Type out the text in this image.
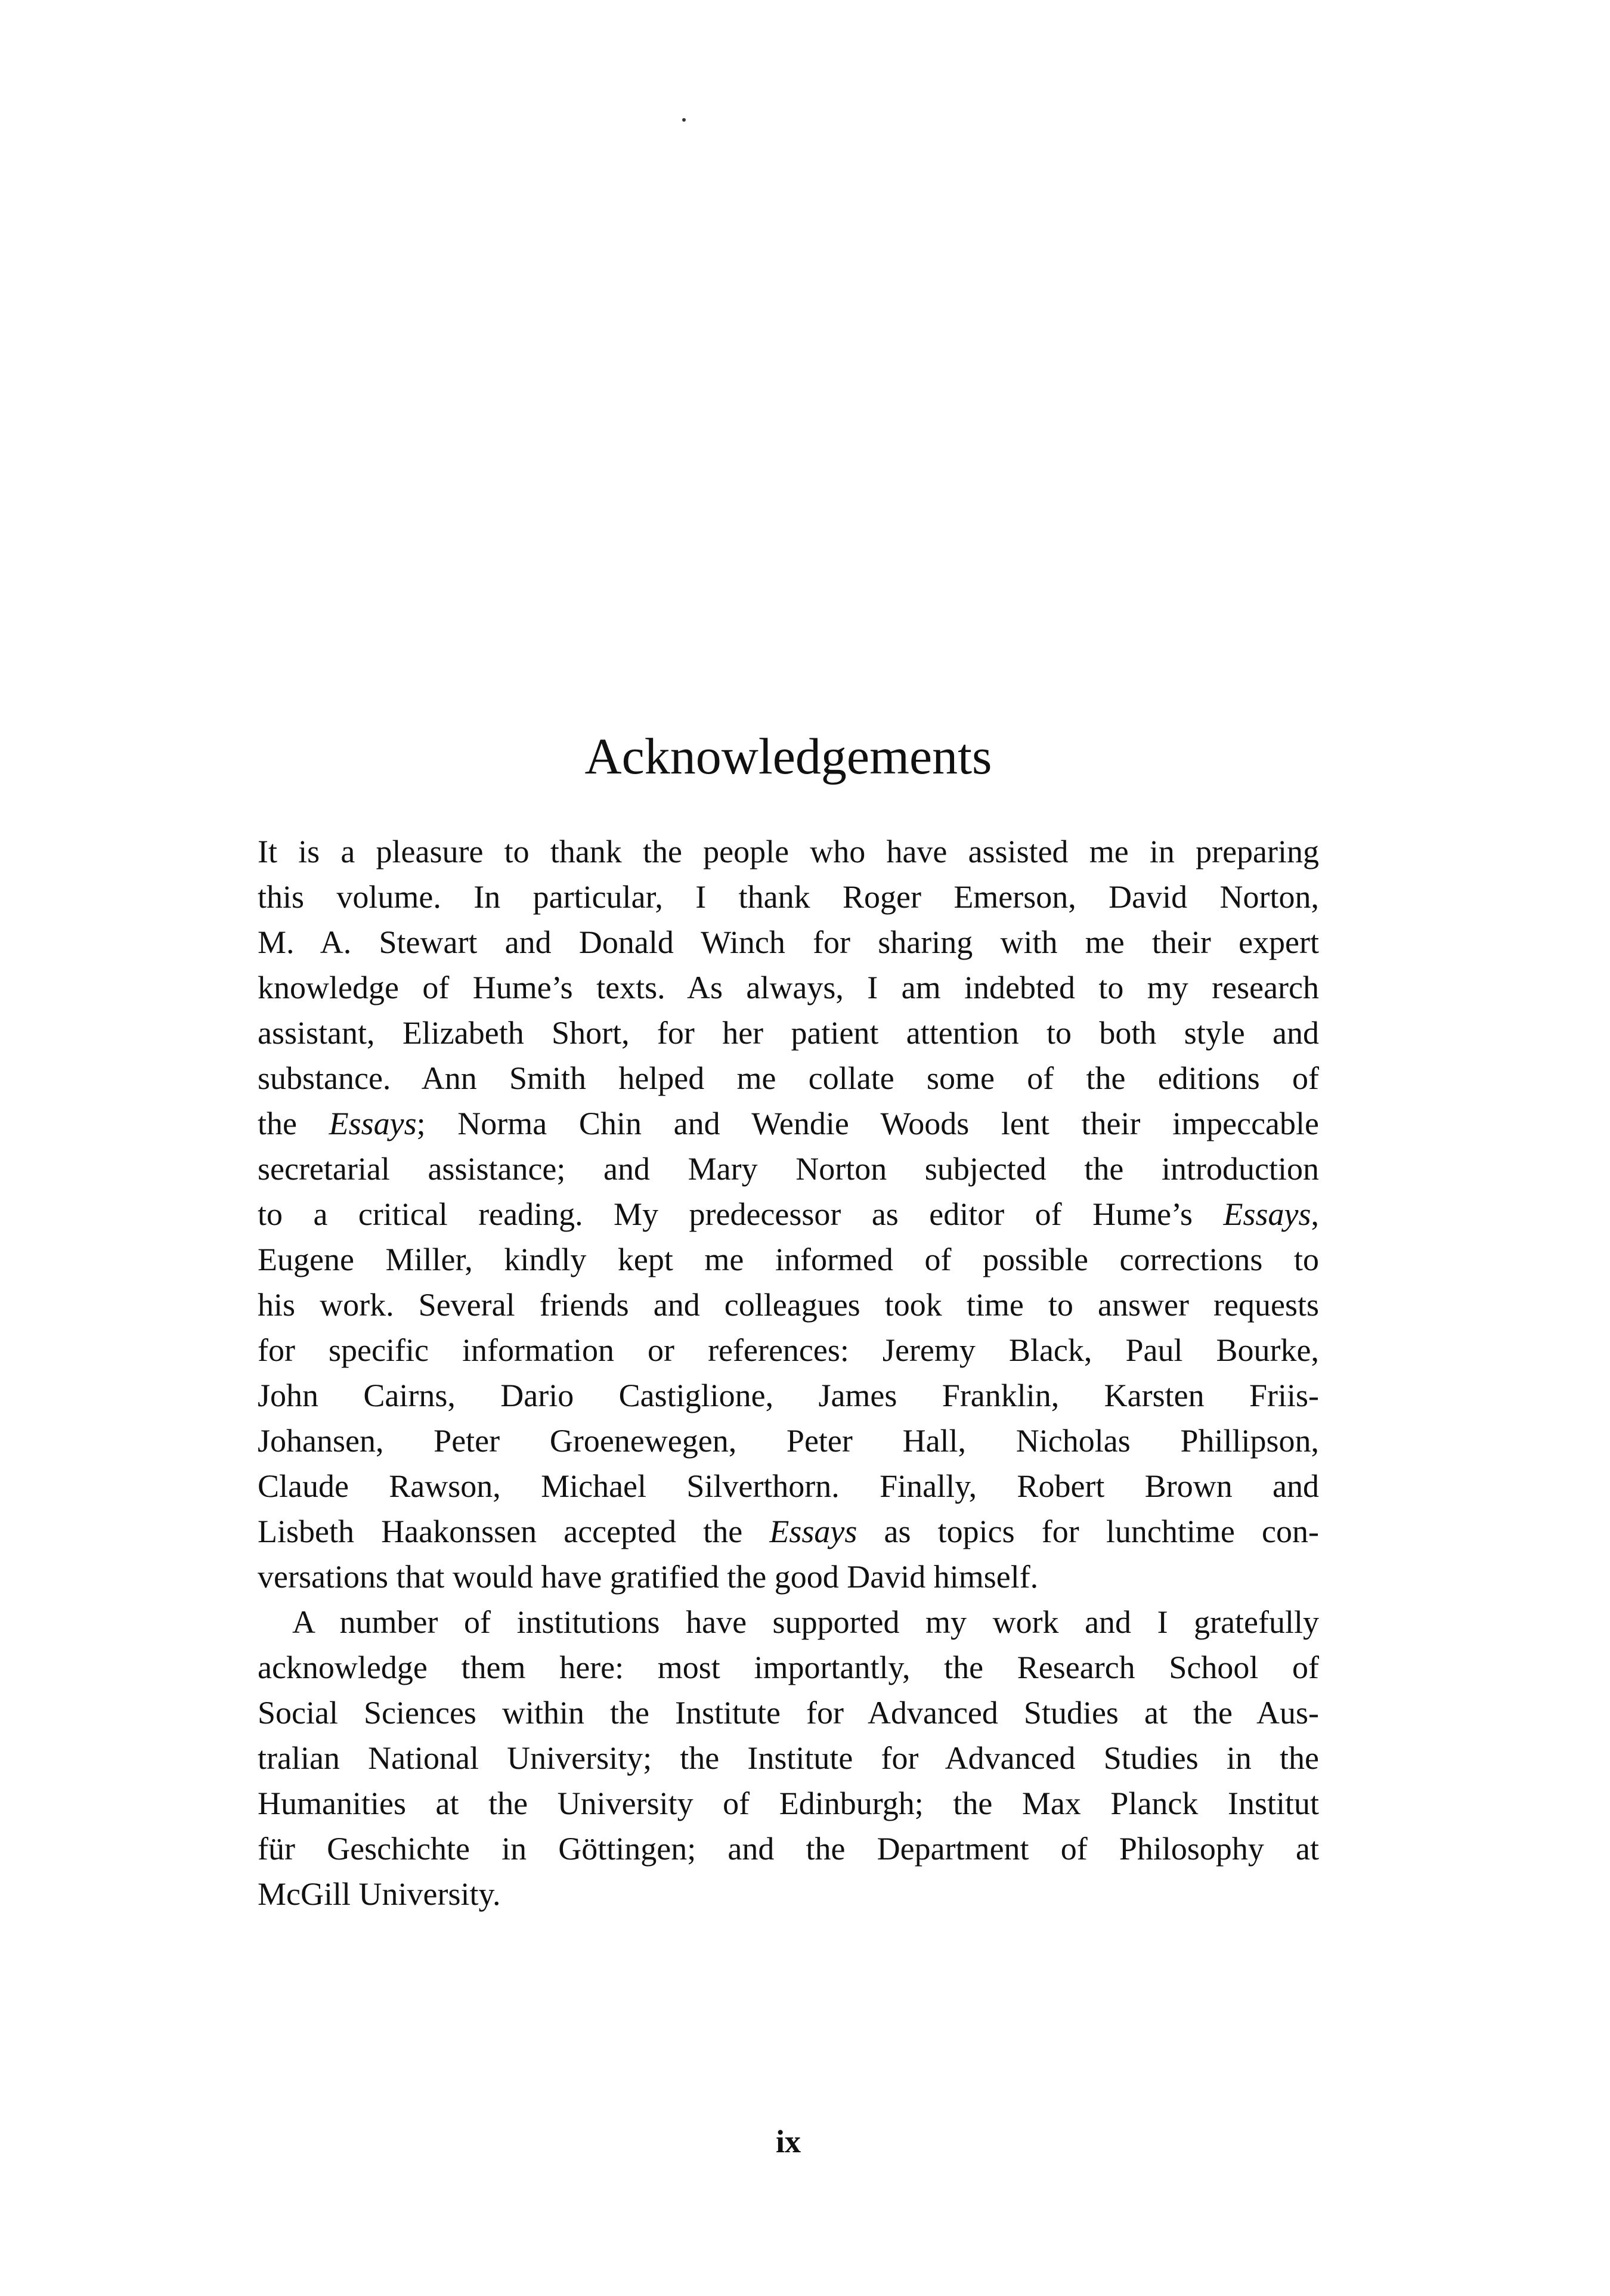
Acknowledgements

It is a pleasure to thank the people who have assisted me in preparing
this volume. In particular, I thank Roger Emerson, David Norton,
M. A. Stewart and Donald Winch for sharing with me their expert
knowledge of Hume’s texts. As always, I am indebted to my research
assistant, Elizabeth Short, for her patient attention to both style and
substance. Ann Smith helped me collate some of the editions of
the Essays; Norma Chin and Wendie Woods lent their impeccable
secretarial assistance; and Mary Norton subjected the introduction
to a critical reading. My predecessor as editor of Hume’s Essays,
Eugene Miller, kindly kept me informed of possible corrections to
his work. Several friends and colleagues took time to answer requests
for specific information or references: Jeremy Black, Paul Bourke,
John Cairns, Dario Castiglione, James Franklin, Karsten Friis-
Johansen, Peter Groenewegen, Peter Hall, Nicholas Phillipson,
Claude Rawson, Michael Silverthorn. Finally, Robert Brown and
Lisbeth Haakonssen accepted the Essays as topics for lunchtime con-
versations that would have gratified the good David himself.

A number of institutions have supported my work and I gratefully
acknowledge them here: most importantly, the Research School of
Social Sciences within the Institute for Advanced Studies at the Aus-
tralian National University; the Institute for Advanced Studies in the
Humanities at the University of Edinburgh; the Max Planck Institut
für Geschichte in Göttingen; and the Department of Philosophy at
McGill University.

ix
